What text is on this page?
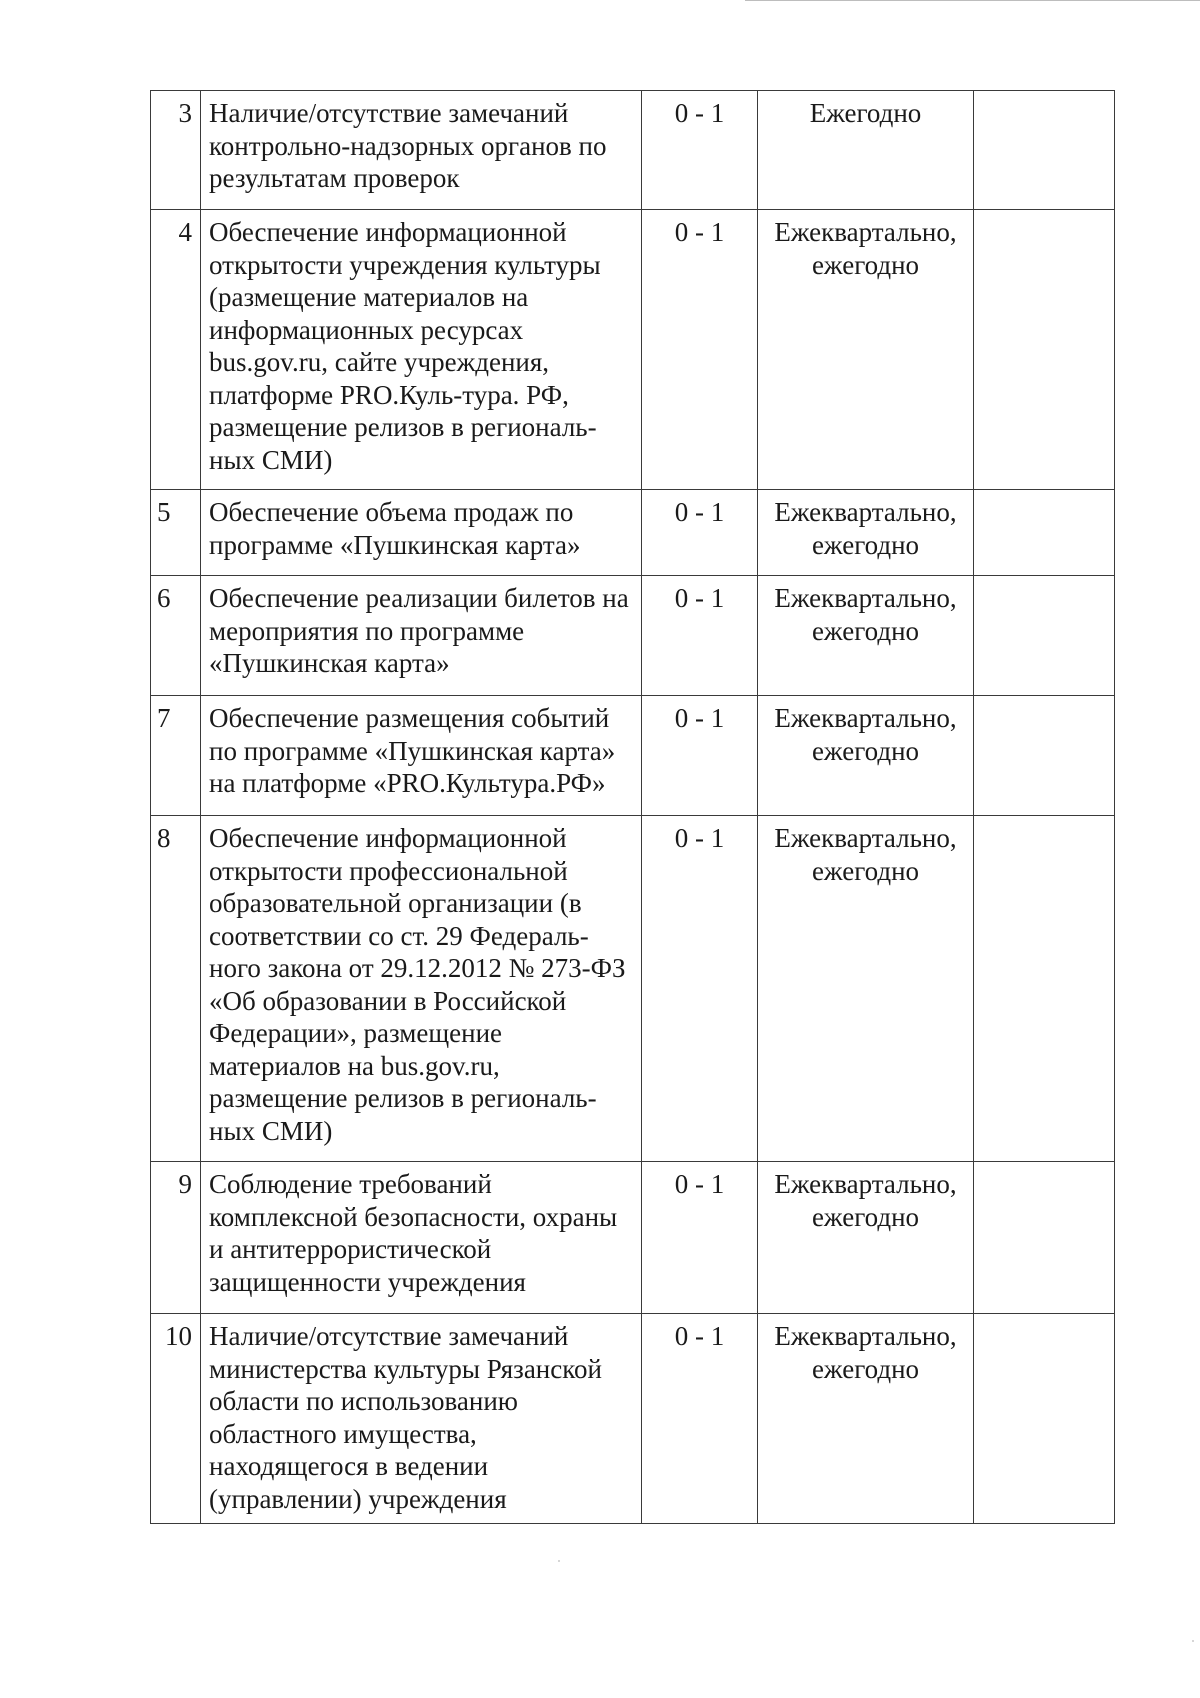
3	Наличие/отсутствие замечаний контрольно-надзорных органов по результатам проверок	0 - 1	Ежегодно	
4	Обеспечение информационной открытости учреждения культуры (размещение материалов на информационных ресурсах bus.gov.ru, сайте учреждения, платформе PRO.Куль-тура. РФ, размещение релизов в региональ-ных СМИ)	0 - 1	Ежеквартально, ежегодно	
5	Обеспечение объема продаж по программе «Пушкинская карта»	0 - 1	Ежеквартально, ежегодно	
6	Обеспечение реализации билетов на мероприятия по программе «Пушкинская карта»	0 - 1	Ежеквартально, ежегодно	
7	Обеспечение размещения событий по программе «Пушкинская карта» на платформе «PRO.Культура.РФ»	0 - 1	Ежеквартально, ежегодно	
8	Обеспечение информационной открытости профессиональной образовательной организации (в соответствии со ст. 29 Федераль-ного закона от 29.12.2012 № 273-ФЗ «Об образовании в Российской Федерации», размещение материалов на bus.gov.ru, размещение релизов в региональ-ных СМИ)	0 - 1	Ежеквартально, ежегодно	
9	Соблюдение требований комплексной безопасности, охраны и антитеррористической защищенности учреждения	0 - 1	Ежеквартально, ежегодно	
10	Наличие/отсутствие замечаний министерства культуры Рязанской области по использованию областного имущества, находящегося в ведении (управлении) учреждения	0 - 1	Ежеквартально, ежегодно	
